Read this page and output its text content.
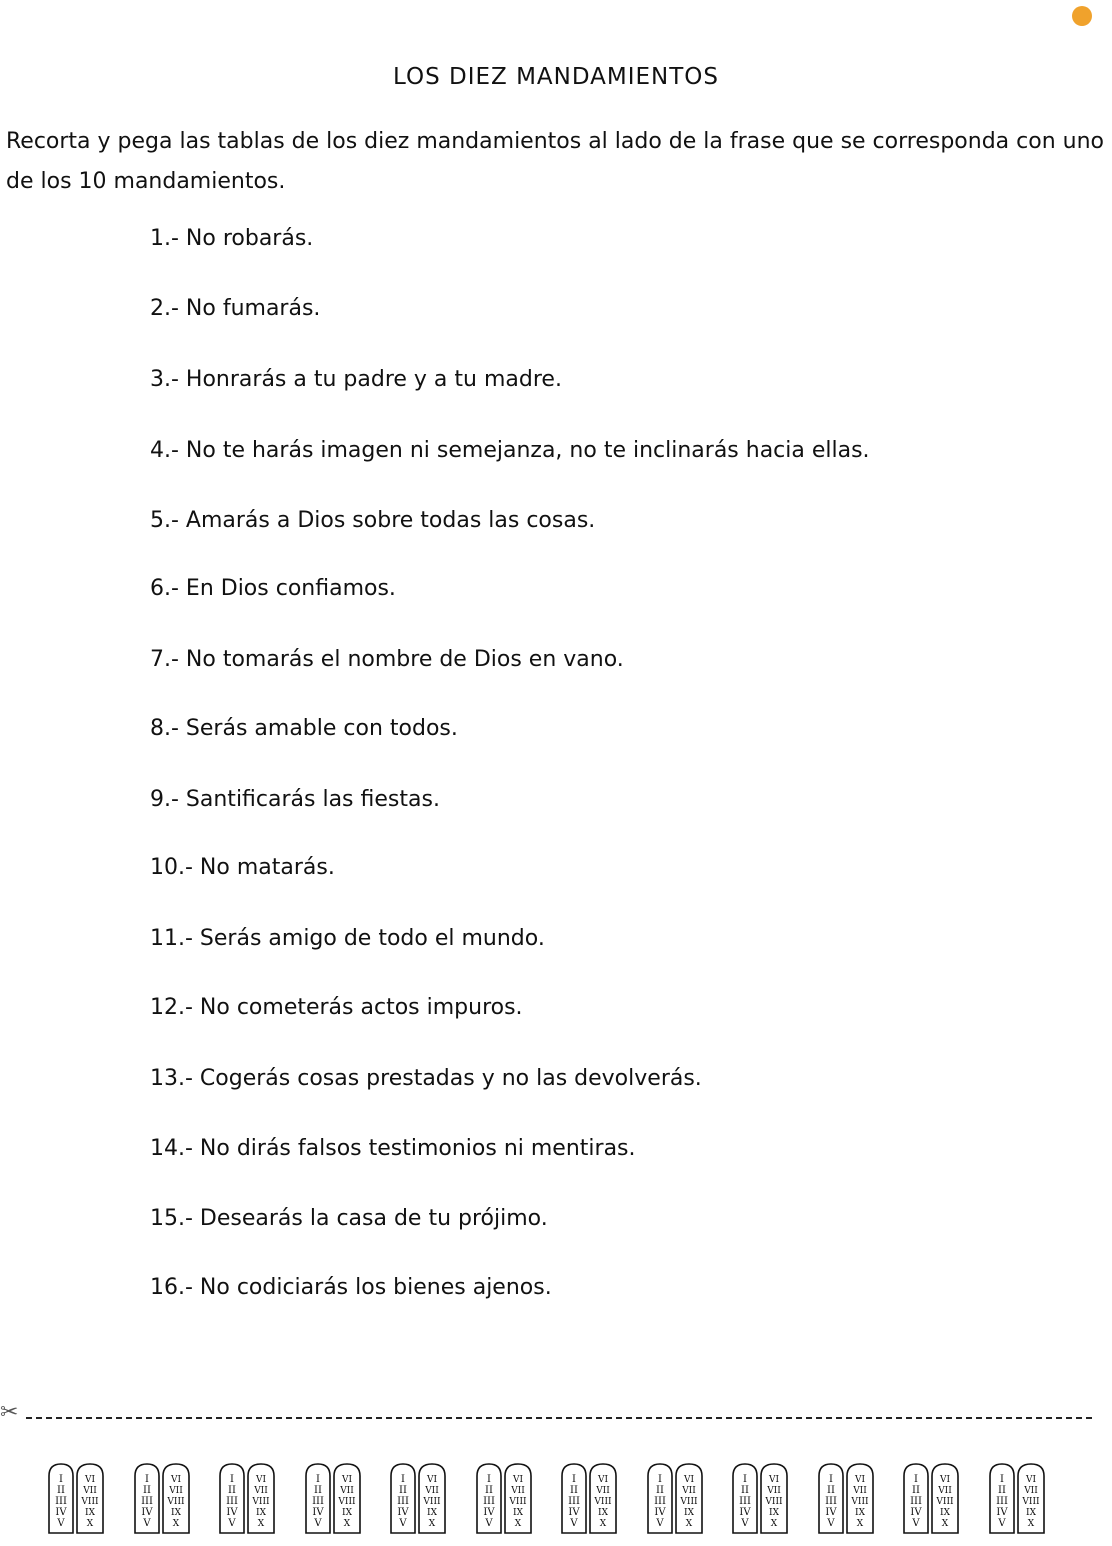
LOS DIEZ MANDAMIENTOS
Recorta y pega las tablas de los diez mandamientos al lado de la frase que se corresponda con uno de los 10 mandamientos.
1.- No robarás.
2.- No fumarás.
3.- Honrarás a tu padre y a tu madre.
4.- No te harás imagen ni semejanza, no te inclinarás hacia ellas.
5.- Amarás a Dios sobre todas las cosas.
6.- En Dios confiamos.
7.- No tomarás el nombre de Dios en vano.
8.- Serás amable con todos.
9.- Santificarás las fiestas.
10.- No matarás.
11.- Serás amigo de todo el mundo.
12.- No cometerás actos impuros.
13.- Cogerás cosas prestadas y no las devolverás.
14.- No dirás falsos testimonios ni mentiras.
15.- Desearás la casa de tu prójimo.
16.- No codiciarás los bienes ajenos.
✂
I
II
III
IV
V
VI
VII
VIII
IX
X
I
II
III
IV
V
VI
VII
VIII
IX
X
I
II
III
IV
V
VI
VII
VIII
IX
X
I
II
III
IV
V
VI
VII
VIII
IX
X
I
II
III
IV
V
VI
VII
VIII
IX
X
I
II
III
IV
V
VI
VII
VIII
IX
X
I
II
III
IV
V
VI
VII
VIII
IX
X
I
II
III
IV
V
VI
VII
VIII
IX
X
I
II
III
IV
V
VI
VII
VIII
IX
X
I
II
III
IV
V
VI
VII
VIII
IX
X
I
II
III
IV
V
VI
VII
VIII
IX
X
I
II
III
IV
V
VI
VII
VIII
IX
X
